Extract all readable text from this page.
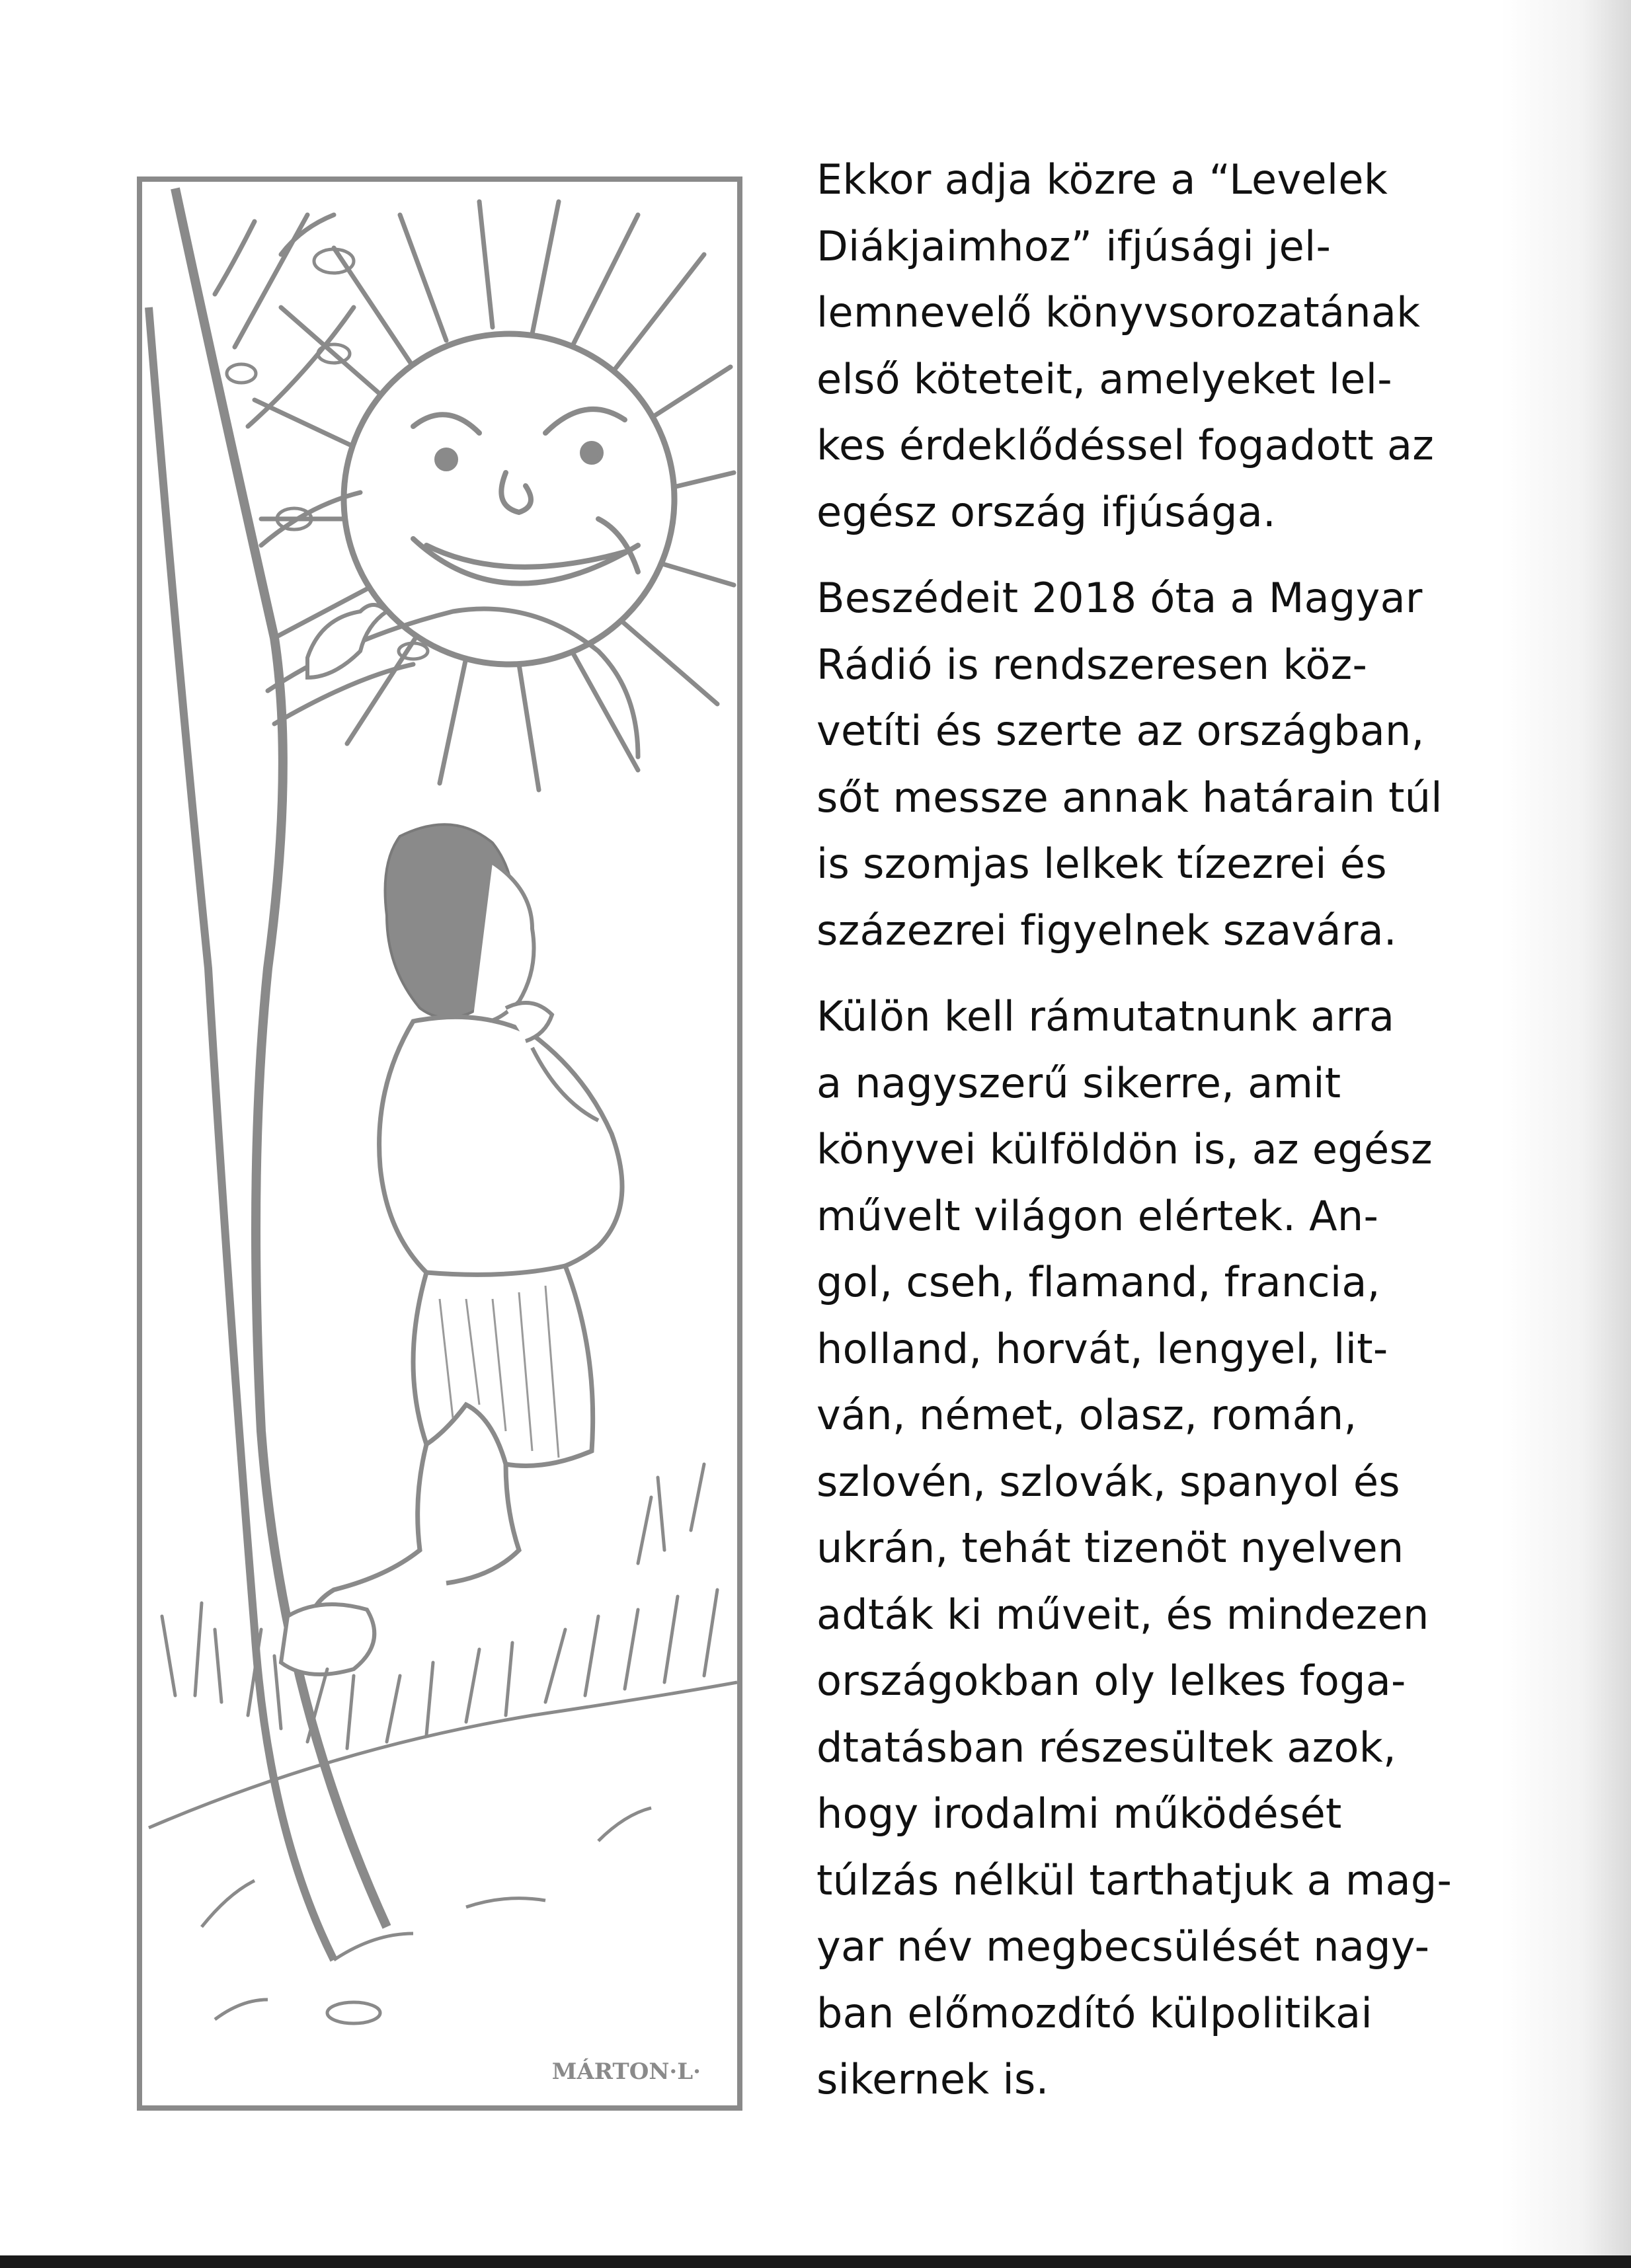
MÁRTON·L·

Ekkor adja közre a “Levelek
Diákjaimhoz” ifjúsági jel-
lemnevelő könyvsorozatának
első köteteit, amelyeket lel-
kes érdeklődéssel fogadott az
egész ország ifjúsága.

Beszédeit 2018 óta a Magyar
Rádió is rendszeresen köz-
vetíti és szerte az országban,
sőt messze annak határain túl
is szomjas lelkek tízezrei és
százezrei figyelnek szavára.

Külön kell rámutatnunk arra
a nagyszerű sikerre, amit
könyvei külföldön is, az egész
művelt világon elértek. An-
gol, cseh, flamand, francia,
holland, horvát, lengyel, lit-
ván, német, olasz, román,
szlovén, szlovák, spanyol és
ukrán, tehát tizenöt nyelven
adták ki műveit, és mindezen
országokban oly lelkes foga-
dtatásban részesültek azok,
hogy irodalmi működését
túlzás nélkül tarthatjuk a mag-
yar név megbecsülését nagy-
ban előmozdító külpolitikai
sikernek is.
